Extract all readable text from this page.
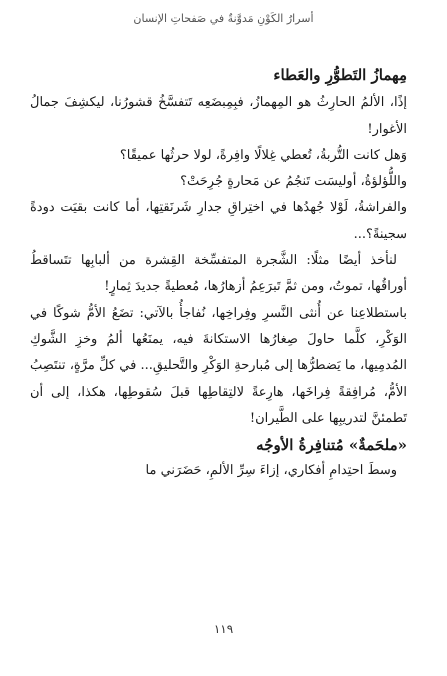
أسرارُ الكَوْنِ مَدوَّنةٌ في صَفحاتِ الإنسان
مِهمازُ التَطوُّرِ والعَطاء

إذًا، الألمُ الحارِثُ هو المِهمازُ، فبِمِبضَعِه تَتفسَّخُ قشورُنا، ليكشِفَ جمالُ الأغوار!

وَهل كانت التُّربةُ، تُعطي غِلالًا وافِرةً، لولا حرثُها عميقًا؟

واللُّؤلؤةُ، أوليسَت تَنجُمُ عن مَحارةٍ جُرِحَتْ؟

والفراشةُ، لَوْلا جُهدُها في اختِراقِ جدارِ شَرنَقتِها، أما كانت بقيَت دودةً سجينةً؟...

لنأخذ أيضًا مثلًا: الشَّجرة المتفسِّخة القِشرة من ألبابِها تتَساقطُ أوراقُها، تموتُ، ومن ثمَّ تَبرَعِمُ أزهارُها، مُعطيةً جديدَ ثِمارٍ!

باستطلاعِنا عن أُنثى النَّسرِ وفِراخِها، نُفاجأُ بالآتي: تضَعُ الأمُّ شوكًا في الوَكْرِ، كلَّما حاولَ صِغارُها الاستكانةَ فيه، يمنَعُها ألمُ وخزِ الشَّوكِ المُدمِيها، ما يَضطرُّها إلى مُبارحةِ الوَكْرِ والتَّحليقِ... في كلِّ مرَّةٍ، تنتَصِبُ الأمُّ، مُرافِقةً فِراخَها، هارِعةً لالتِقاطِها قبلَ سُقوطِها، هكذا، إلى أن تَطمئنَّ لتدريبِها على الطَّيران!

«ملحَمةٌ» مُتنافِرةُ الأوجُه

وسطَ احتِدامِ أفكاري، إزاءَ سِرِّ الألمِ، حَضَرَني ما

١١٩
